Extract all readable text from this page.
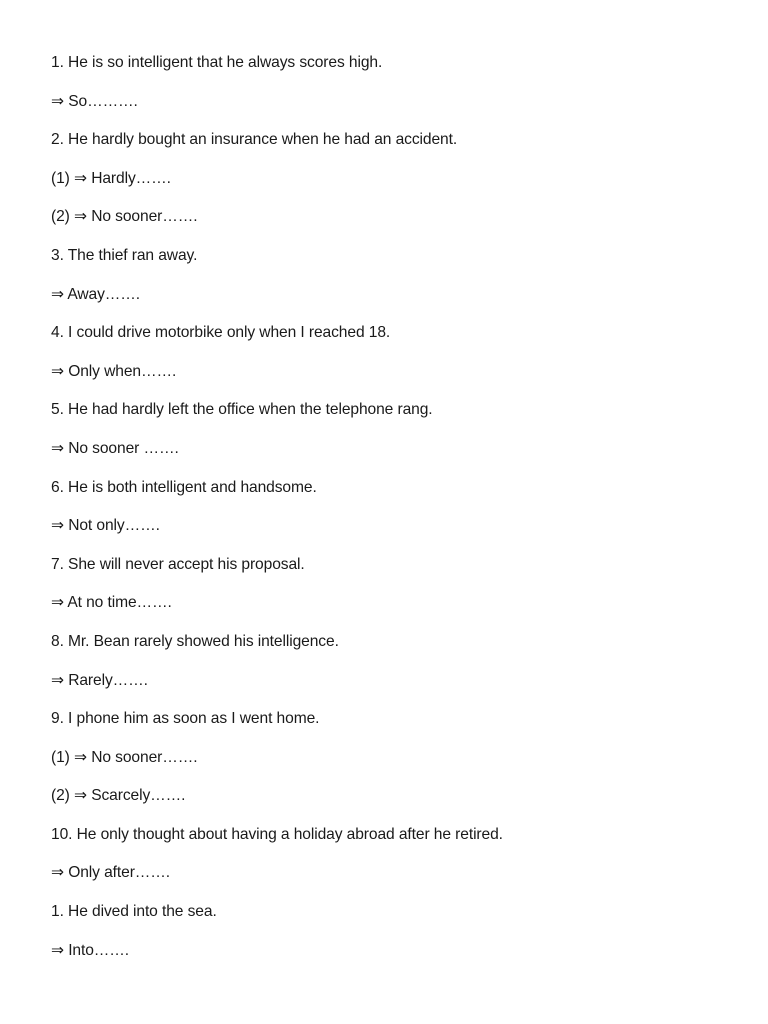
1. He is so intelligent that he always scores high.
⇒ So……….
2. He hardly bought an insurance when he had an accident.
(1) ⇒ Hardly…….
(2) ⇒ No sooner…….
3. The thief ran away.
⇒ Away…….
4. I could drive motorbike only when I reached 18.
⇒ Only when…….
5. He had hardly left the office when the telephone rang.
⇒ No sooner …….
6. He is both intelligent and handsome.
⇒ Not only…….
7. She will never accept his proposal.
⇒ At no time…….
8. Mr. Bean rarely showed his intelligence.
⇒ Rarely…….
9. I phone him as soon as I went home.
(1) ⇒ No sooner…….
(2) ⇒ Scarcely…….
10. He only thought about having a holiday abroad after he retired.
⇒ Only after…….
1. He dived into the sea.
⇒ Into…….
